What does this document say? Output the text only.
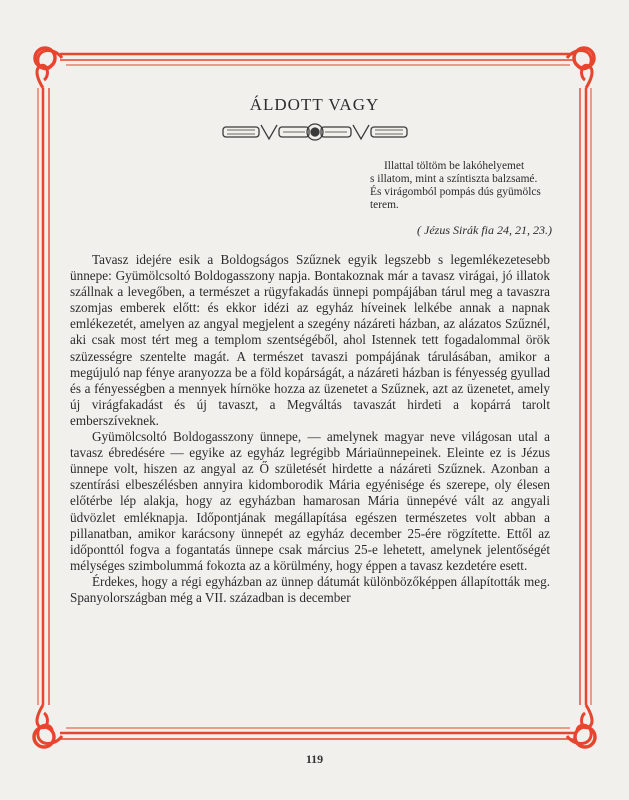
ÁLDOTT VAGY
Illattal töltöm be lakóhelyemet
s illatom, mint a színtiszta balzsamé.
És virágomból pompás dús gyümölcs
terem.
( Jézus Sirák fia 24, 21, 23.)

Tavasz idejére esik a Boldogságos Szűznek egyik legszebb s legemlékezetesebb ünnepe: Gyümölcsoltó Boldogasszony napja. Bontakoznak már a tavasz virágai, jó illatok szállnak a levegőben, a természet a rügyfakadás ünnepi pompájában tárul meg a tavaszra szomjas emberek előtt: és ekkor idézi az egyház híveinek lelkébe annak a napnak emlékezetét, amelyen az angyal megjelent a szegény názáreti házban, az alázatos Szűznél, aki csak most tért meg a templom szentségéből, ahol Istennek tett fogadalommal örök szüzességre szentelte magát. A természet tavaszi pompájának tárulásában, amikor a megújuló nap fénye aranyozza be a föld kopárságát, a názáreti házban is fényesség gyullad és a fényességben a mennyek hírnöke hozza az üzenetet a Szűznek, azt az üzenetet, amely új virágfakadást és új tavaszt, a Megváltás tavaszát hirdeti a kopárrá tarolt emberszíveknek.

Gyümölcsoltó Boldogasszony ünnepe, — amelynek magyar neve világosan utal a tavasz ébredésére — egyike az egyház legrégibb Máriaünnepeinek. Eleinte ez is Jézus ünnepe volt, hiszen az angyal az Ő születését hirdette a názáreti Szűznek. Azonban a szentírási elbeszélésben annyira kidomborodik Mária egyénisége és szerepe, oly élesen előtérbe lép alakja, hogy az egyházban hamarosan Mária ünnepévé vált az angyali üdvözlet emléknapja. Időpontjának megállapítása egészen természetes volt abban a pillanatban, amikor karácsony ünnepét az egyház december 25-ére rögzítette. Ettől az időponttól fogva a fogantatás ünnepe csak március 25-e lehetett, amelynek jelentőségét mélységes szimbolummá fokozta az a körülmény, hogy éppen a tavasz kezdetére esett.

Érdekes, hogy a régi egyházban az ünnep dátumát különbözőképpen állapították meg. Spanyolországban még a VII. században is december

119
